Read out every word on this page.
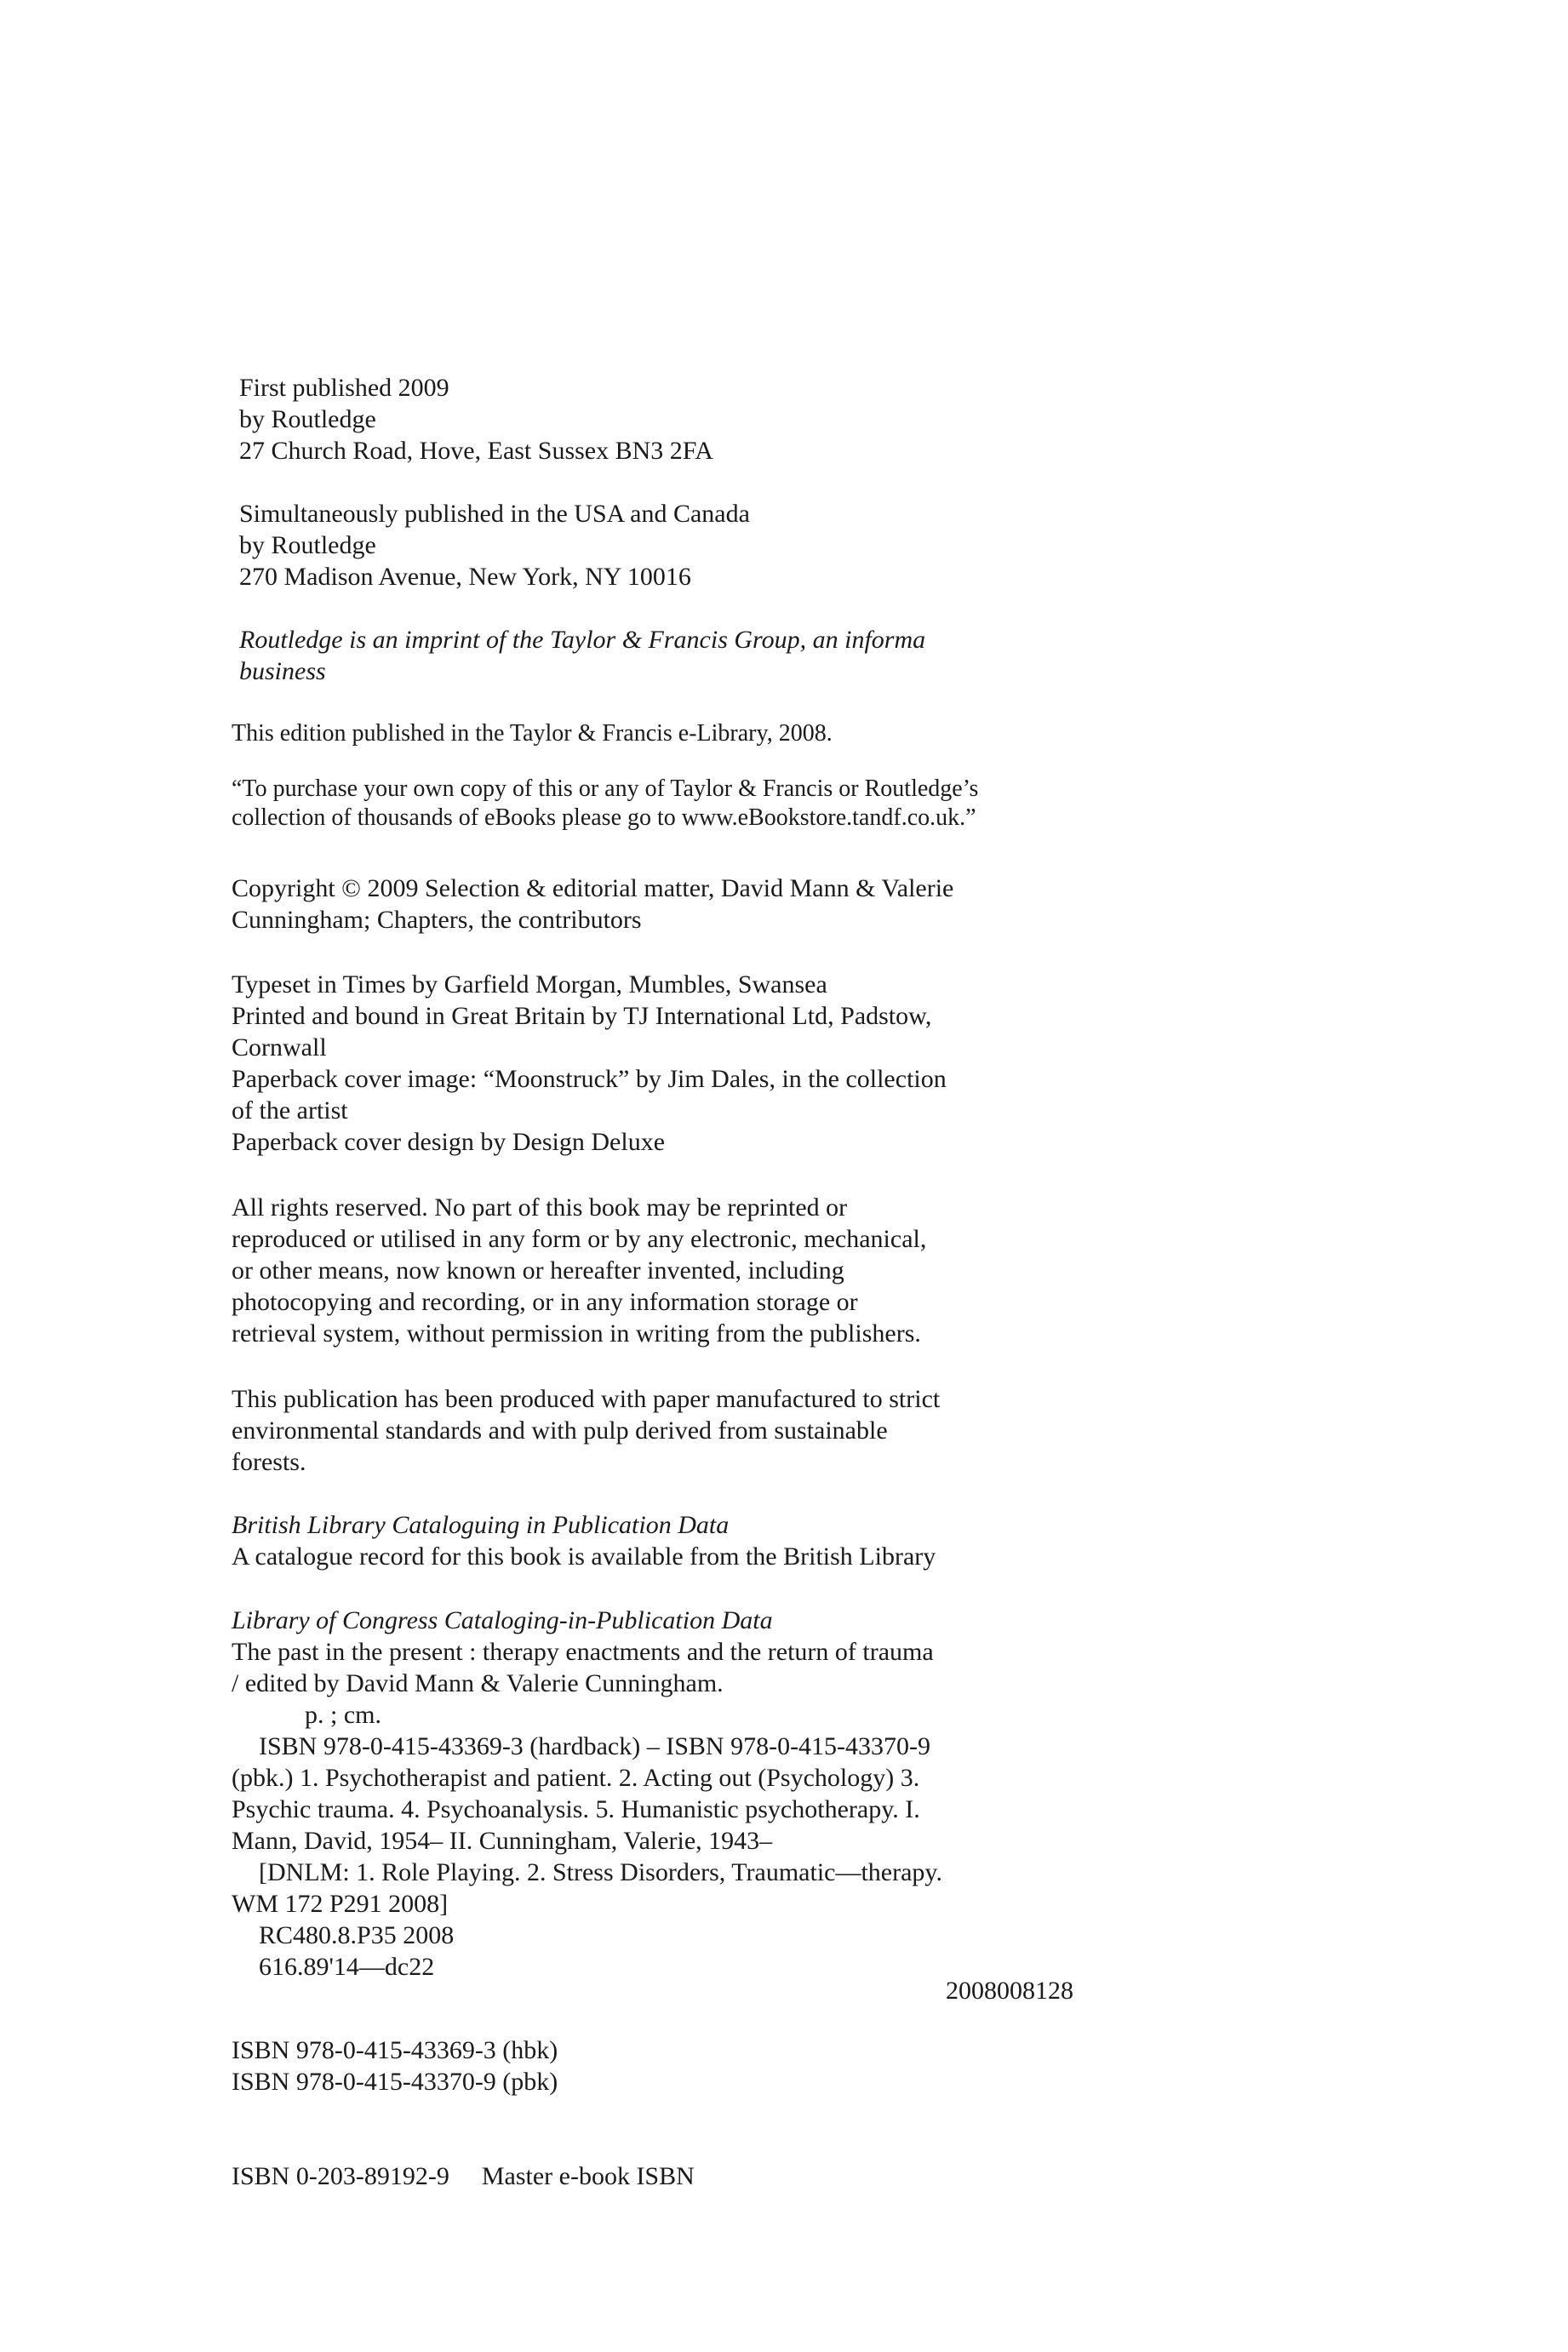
First published 2009
by Routledge
27 Church Road, Hove, East Sussex BN3 2FA
Simultaneously published in the USA and Canada
by Routledge
270 Madison Avenue, New York, NY 10016
Routledge is an imprint of the Taylor & Francis Group, an informa
business
This edition published in the Taylor & Francis e-Library, 2008.
“To purchase your own copy of this or any of Taylor & Francis or Routledge’s
collection of thousands of eBooks please go to www.eBookstore.tandf.co.uk.”
Copyright © 2009 Selection & editorial matter, David Mann & Valerie
Cunningham; Chapters, the contributors
Typeset in Times by Garfield Morgan, Mumbles, Swansea
Printed and bound in Great Britain by TJ International Ltd, Padstow,
Cornwall
Paperback cover image: “Moonstruck” by Jim Dales, in the collection
of the artist
Paperback cover design by Design Deluxe
All rights reserved. No part of this book may be reprinted or
reproduced or utilised in any form or by any electronic, mechanical,
or other means, now known or hereafter invented, including
photocopying and recording, or in any information storage or
retrieval system, without permission in writing from the publishers.
This publication has been produced with paper manufactured to strict
environmental standards and with pulp derived from sustainable
forests.
British Library Cataloguing in Publication Data
A catalogue record for this book is available from the British Library
Library of Congress Cataloging-in-Publication Data
The past in the present : therapy enactments and the return of trauma
/ edited by David Mann & Valerie Cunningham.
p. ; cm.
ISBN 978-0-415-43369-3 (hardback) – ISBN 978-0-415-43370-9
(pbk.) 1. Psychotherapist and patient. 2. Acting out (Psychology) 3.
Psychic trauma. 4. Psychoanalysis. 5. Humanistic psychotherapy. I.
Mann, David, 1954– II. Cunningham, Valerie, 1943–
[DNLM: 1. Role Playing. 2. Stress Disorders, Traumatic—therapy.
WM 172 P291 2008]
RC480.8.P35 2008
616.89'14—dc22
2008008128
ISBN 978-0-415-43369-3 (hbk)
ISBN 978-0-415-43370-9 (pbk)
ISBN 0-203-89192-9 Master e-book ISBN
